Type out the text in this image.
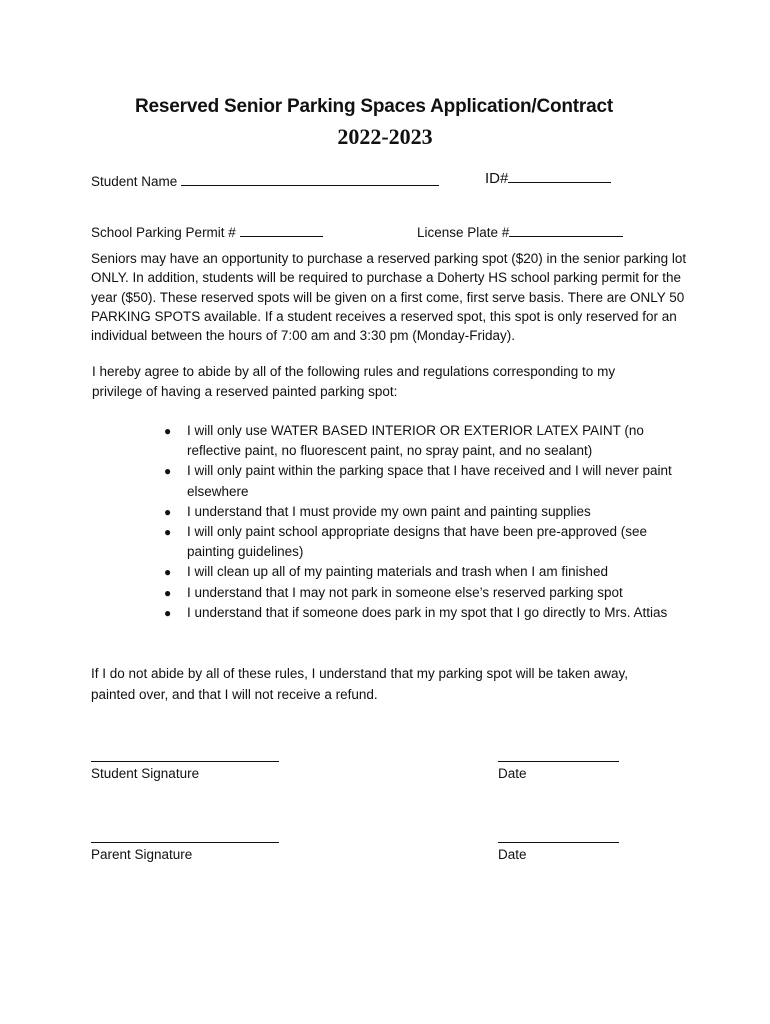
Reserved Senior Parking Spaces Application/Contract
2022-2023
Student Name	ID#
School Parking Permit #	License Plate #
Seniors may have an opportunity to purchase a reserved parking spot ($20) in the senior parking lot ONLY. In addition, students will be required to purchase a Doherty HS school parking permit for the year ($50). These reserved spots will be given on a first come, first serve basis. There are ONLY 50 PARKING SPOTS available. If a student receives a reserved spot, this spot is only reserved for an individual between the hours of 7:00 am and 3:30 pm (Monday-Friday).
I hereby agree to abide by all of the following rules and regulations corresponding to my privilege of having a reserved painted parking spot:
● I will only use WATER BASED INTERIOR OR EXTERIOR LATEX PAINT (no reflective paint, no fluorescent paint, no spray paint, and no sealant)
● I will only paint within the parking space that I have received and I will never paint elsewhere
● I understand that I must provide my own paint and painting supplies
● I will only paint school appropriate designs that have been pre-approved (see painting guidelines)
● I will clean up all of my painting materials and trash when I am finished
● I understand that I may not park in someone else’s reserved parking spot
● I understand that if someone does park in my spot that I go directly to Mrs. Attias
If I do not abide by all of these rules, I understand that my parking spot will be taken away, painted over, and that I will not receive a refund.
Student Signature	Date
Parent Signature	Date
